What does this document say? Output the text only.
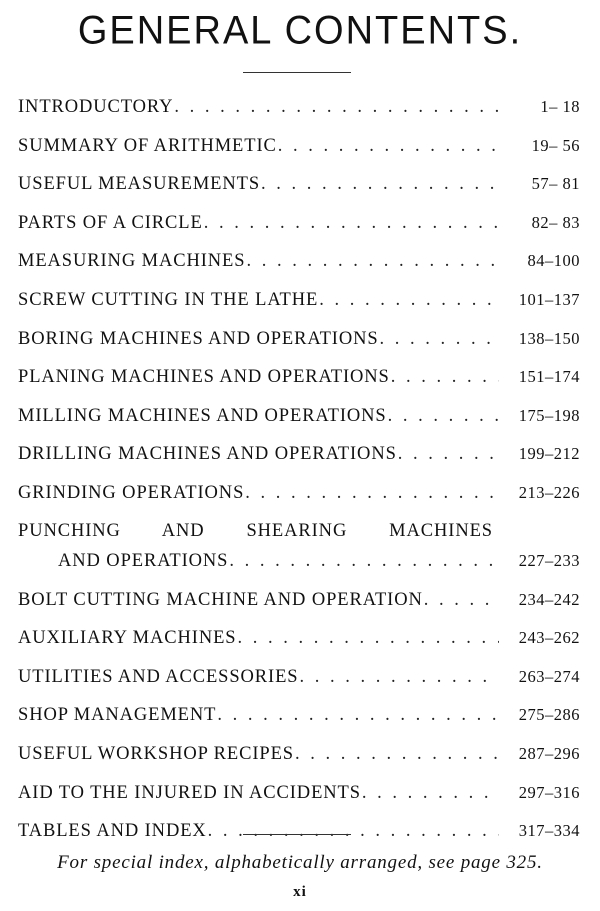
GENERAL CONTENTS.
INTRODUCTORY . . .	1– 18
SUMMARY OF ARITHMETIC . . .	19– 56
USEFUL MEASUREMENTS . . .	57– 81
PARTS OF A CIRCLE . . .	82– 83
MEASURING MACHINES . . .	84–100
SCREW CUTTING IN THE LATHE . . .	101–137
BORING MACHINES AND OPERATIONS . . .	138–150
PLANING MACHINES AND OPERATIONS . . .	151–174
MILLING MACHINES AND OPERATIONS . . .	175–198
DRILLING MACHINES AND OPERATIONS . . .	199–212
GRINDING OPERATIONS . . .	213–226
PUNCHING AND SHEARING MACHINES
AND OPERATIONS . . .	227–233
BOLT CUTTING MACHINE AND OPERATION . . .	234–242
AUXILIARY MACHINES . . .	243–262
UTILITIES AND ACCESSORIES . . .	263–274
SHOP MANAGEMENT . . .	275–286
USEFUL WORKSHOP RECIPES . . .	287–296
AID TO THE INJURED IN ACCIDENTS . . .	297–316
TABLES AND INDEX . . .	317–334
For special index, alphabetically arranged, see page 325.
xi
